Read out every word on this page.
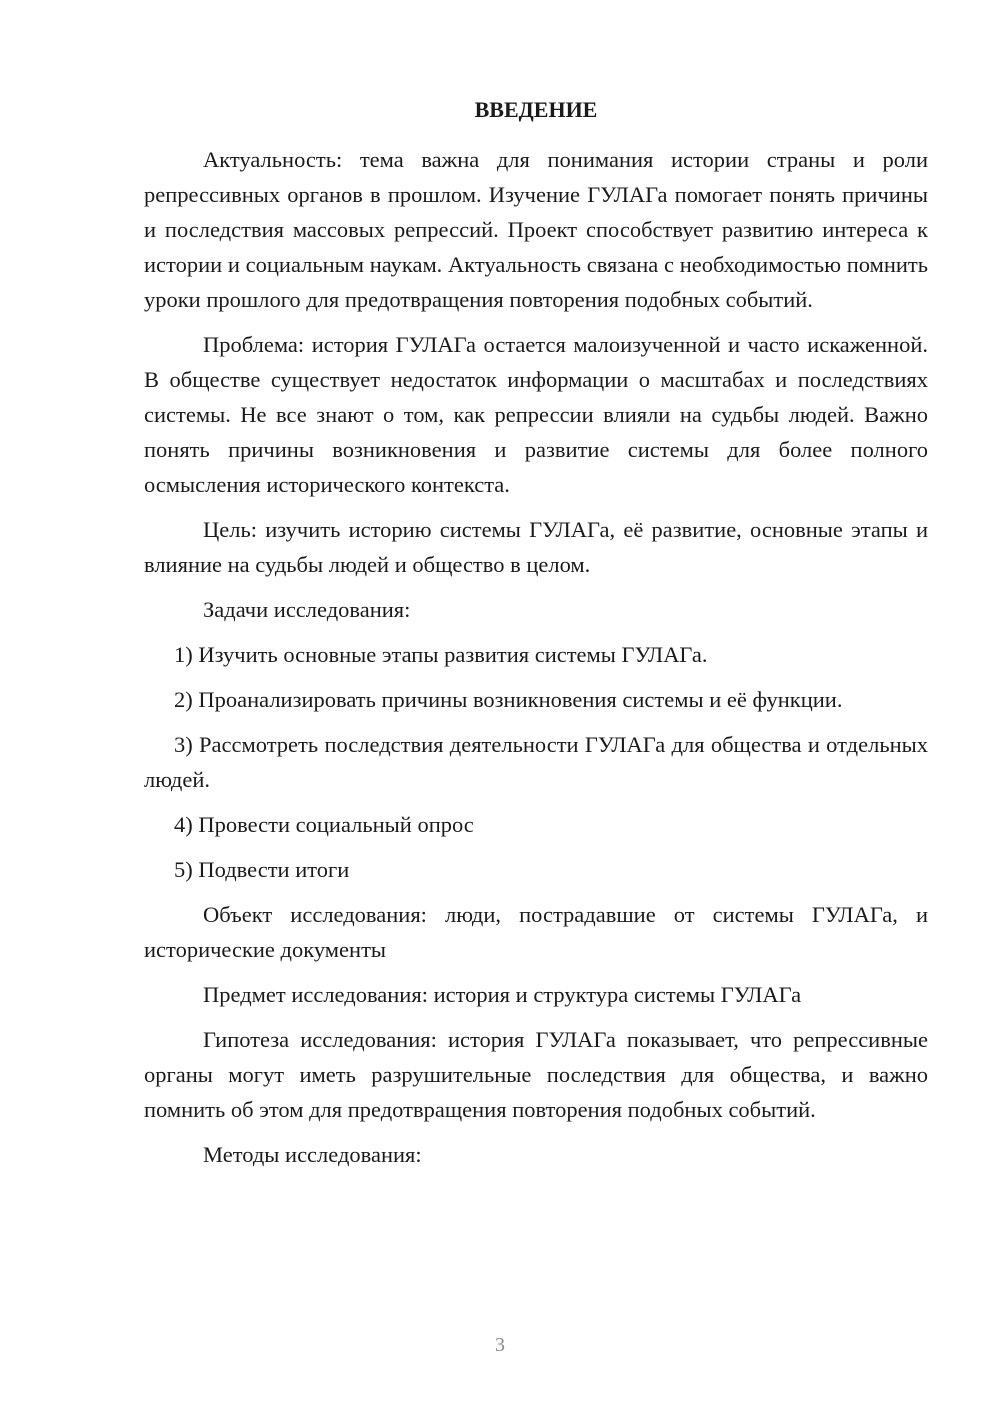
ВВЕДЕНИЕ

Актуальность: тема важна для понимания истории страны и роли репрессивных органов в прошлом. Изучение ГУЛАГа помогает понять причины и последствия массовых репрессий. Проект способствует развитию интереса к истории и социальным наукам. Актуальность связана с необходимостью помнить уроки прошлого для предотвращения повторения подобных событий.

Проблема: история ГУЛАГа остается малоизученной и часто искаженной. В обществе существует недостаток информации о масштабах и последствиях системы. Не все знают о том, как репрессии влияли на судьбы людей. Важно понять причины возникновения и развитие системы для более полного осмысления исторического контекста.

Цель: изучить историю системы ГУЛАГа, её развитие, основные этапы и влияние на судьбы людей и общество в целом.

Задачи исследования:

1) Изучить основные этапы развития системы ГУЛАГа.

2) Проанализировать причины возникновения системы и её функции.

3) Рассмотреть последствия деятельности ГУЛАГа для общества и отдельных людей.

4) Провести социальный опрос

5) Подвести итоги

Объект исследования: люди, пострадавшие от системы ГУЛАГа, и исторические документы

Предмет исследования: история и структура системы ГУЛАГа

Гипотеза исследования: история ГУЛАГа показывает, что репрессивные органы могут иметь разрушительные последствия для общества, и важно помнить об этом для предотвращения повторения подобных событий.

Методы исследования:

3
